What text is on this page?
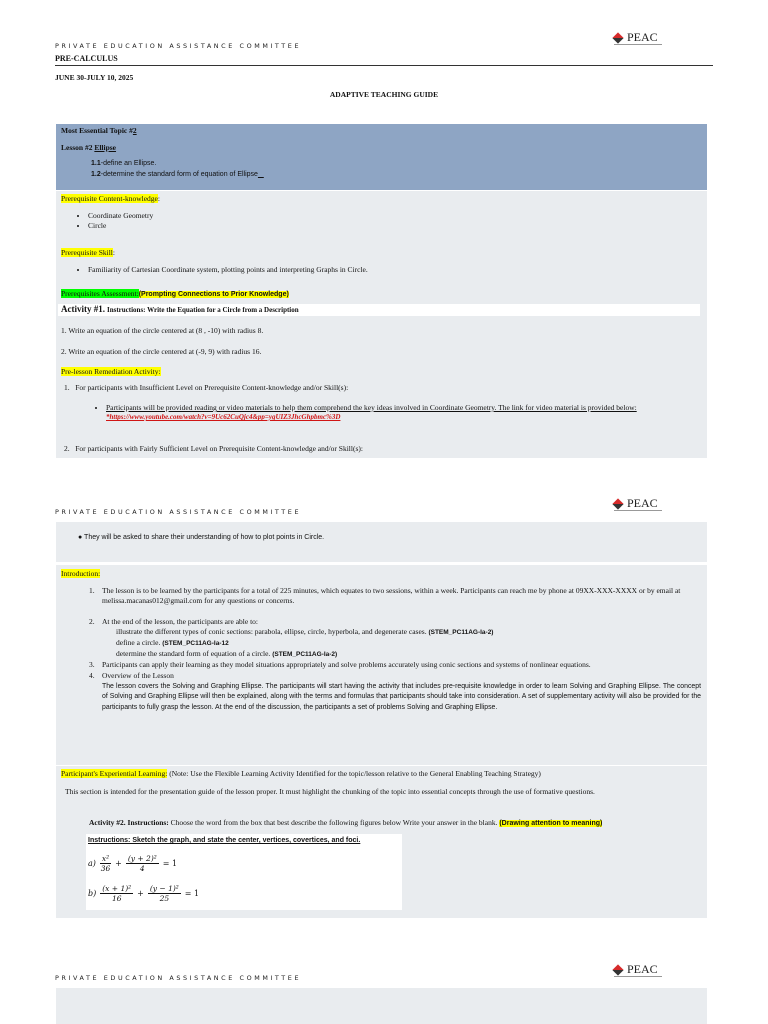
PRIVATE EDUCATION ASSISTANCE COMMITTEE
PEAC
PRE-CALCULUS
JUNE 30-JULY 10, 2025
ADAPTIVE TEACHING GUIDE
Most Essential Topic #2
Lesson #2 Ellipse
1.1-define an Ellipse.
1.2-determine the standard form of equation of Ellipse
Prerequisite Content-knowledge:
• Coordinate Geometry
• Circle
Prerequisite Skill:
• Familiarity of Cartesian Coordinate system, plotting points and interpreting Graphs in Circle.
Prerequisites Assessment:(Prompting Connections to Prior Knowledge)
Activity #1. Instructions: Write the Equation for a Circle from a Description
1. Write an equation of the circle centered at (8 , -10) with radius 8.
2. Write an equation of the circle centered at (-9, 9) with radius 16.
Pre-lesson Remediation Activity:
1.   For participants with Insufficient Level on Prerequisite Content-knowledge and/or Skill(s):
• Participants will be provided reading or video materials to help them comprehend the key ideas involved in Coordinate Geometry. The link for video material is provided below:
*https://www.youtube.com/watch?v=9Uc62CuQjc4&pp=ygUIZ3JhcGhpbmc%3D
2.   For participants with Fairly Sufficient Level on Prerequisite Content-knowledge and/or Skill(s):
PRIVATE EDUCATION ASSISTANCE COMMITTEE
PEAC
● They will be asked to share their understanding of how to plot points in Circle.
Introduction:
1. The lesson is to be learned by the participants for a total of 225 minutes, which equates to two sessions, within a week. Participants can reach me by phone at 09XX-XXX-XXXX or by email at melissa.macanas012@gmail.com for any questions or concerns.
2. At the end of the lesson, the participants are able to:
illustrate the different types of conic sections: parabola, ellipse, circle, hyperbola, and degenerate cases. (STEM_PC11AG-Ia-2)
define a circle. (STEM_PC11AG-Ia-12
determine the standard form of equation of a circle. (STEM_PC11AG-Ia-2)
3. Participants can apply their learning as they model situations appropriately and solve problems accurately using conic sections and systems of nonlinear equations.
4. Overview of the Lesson
The lesson covers the Solving and Graphing Ellipse. The participants will start having the activity that includes pre-requisite knowledge in order to learn Solving and Graphing Ellipse. The concept of Solving and Graphing Ellipse will then be explained, along with the terms and formulas that participants should take into consideration. A set of supplementary activity will also be provided for the participants to fully grasp the lesson. At the end of the discussion, the participants a set of problems Solving and Graphing Ellipse.
Participant's Experiential Learning: (Note: Use the Flexible Learning Activity Identified for the topic/lesson relative to the General Enabling Teaching Strategy)
This section is intended for the presentation guide of the lesson proper. It must highlight the chunking of the topic into essential concepts through the use of formative questions.
Activity #2. Instructions: Choose the word from the box that best describe the following figures below Write your answer in the blank. (Drawing attention to meaning)
Instructions: Sketch the graph, and state the center, vertices, covertices, and foci.
$a) \frac{\text{x²}}{36} + \frac{\text{(y + 2)²}}{4} = 1$
$b) \frac{\text{(x + 1)²}}{16} + \frac{\text{(y − 1)²}}{25} = 1$
PRIVATE EDUCATION ASSISTANCE COMMITTEE
PEAC
